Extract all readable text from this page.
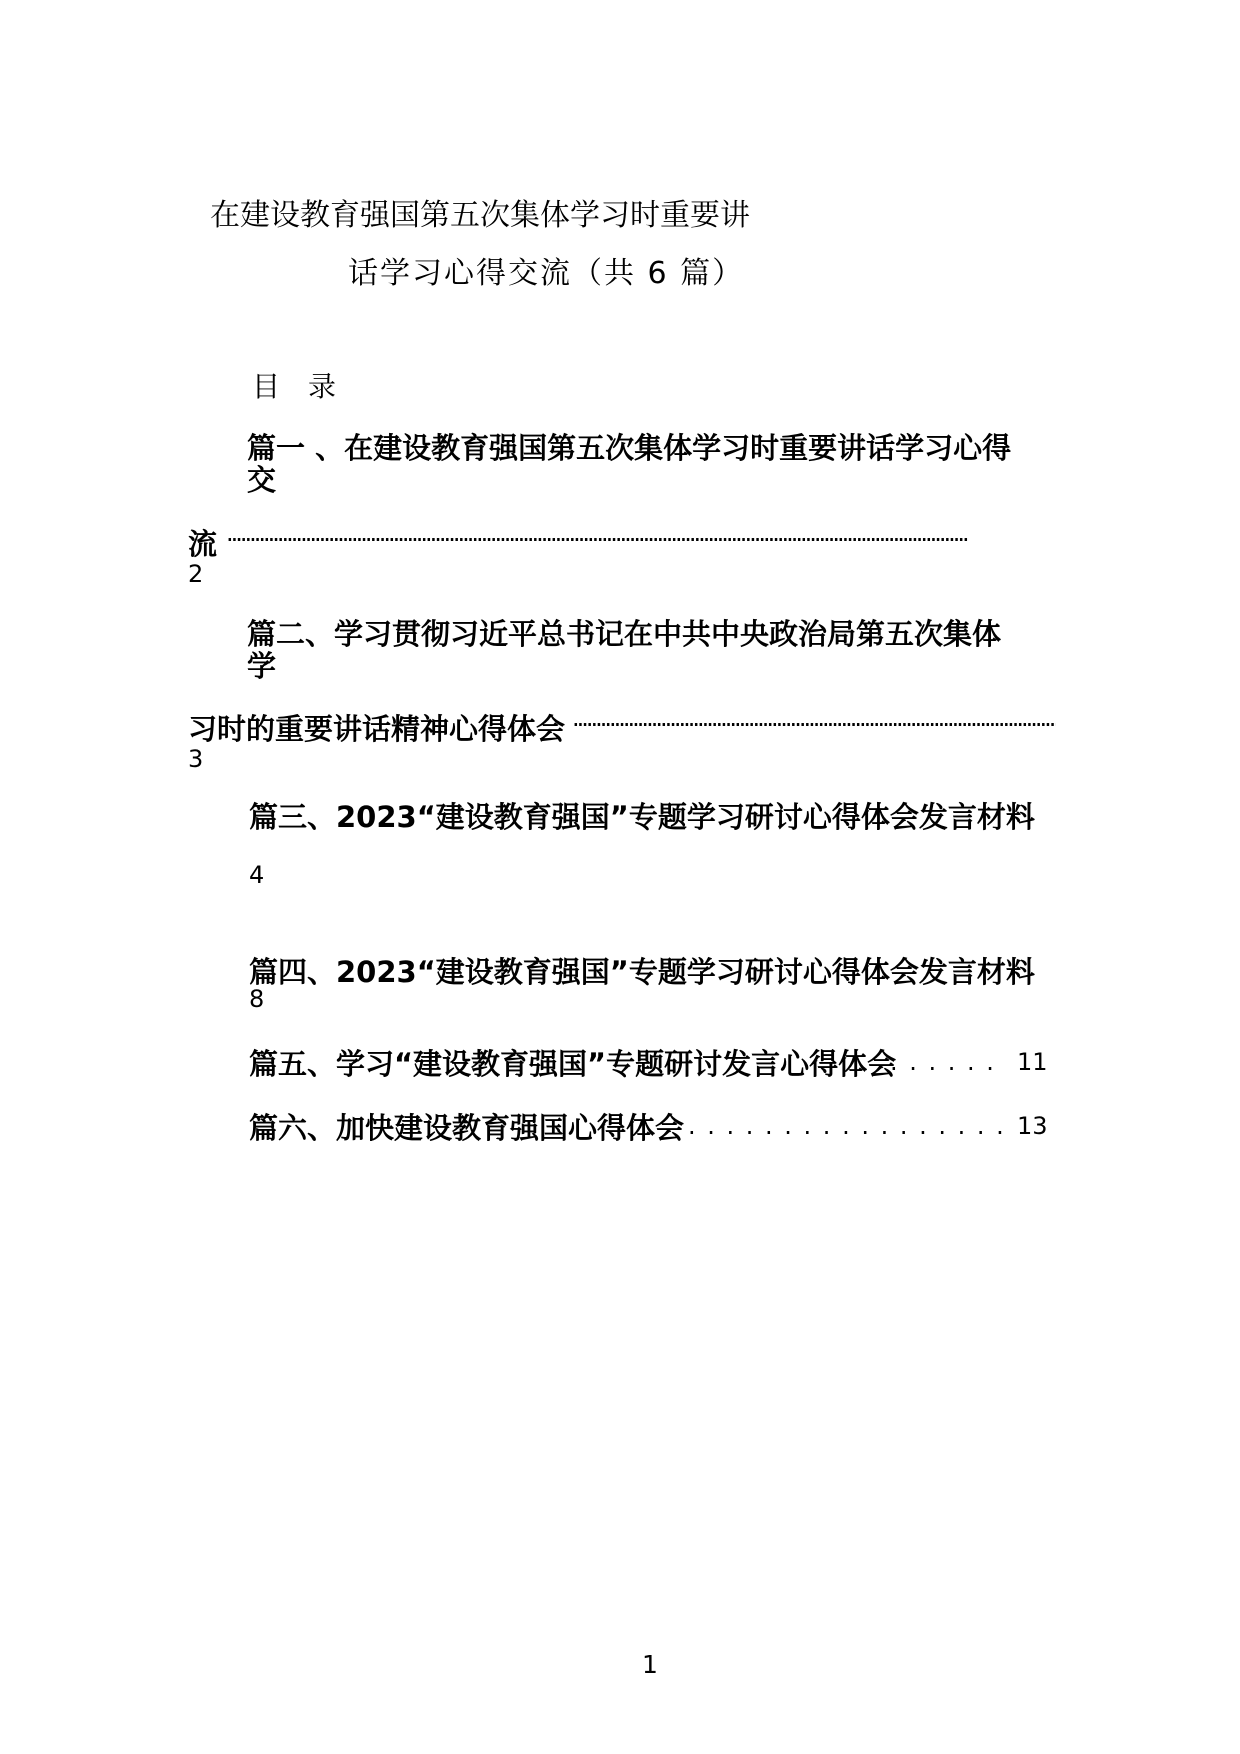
在建设教育强国第五次集体学习时重要讲
话学习心得交流（共 6 篇）
目 录
篇一 、在建设教育强国第五次集体学习时重要讲话学习心得
交
流
·····
2
篇二、学习贯彻习近平总书记在中共中央政治局第五次集体
学
习时的重要讲话精神心得体会
·····
3
篇三、2023“建设教育强国”专题学习研讨心得体会发言材料
4
篇四、2023“建设教育强国”专题学习研讨心得体会发言材料
8
篇五、学习“建设教育强国”专题研讨发言心得体会 . . .	11
篇六、加快建设教育强国心得体会 . . .	13
1
